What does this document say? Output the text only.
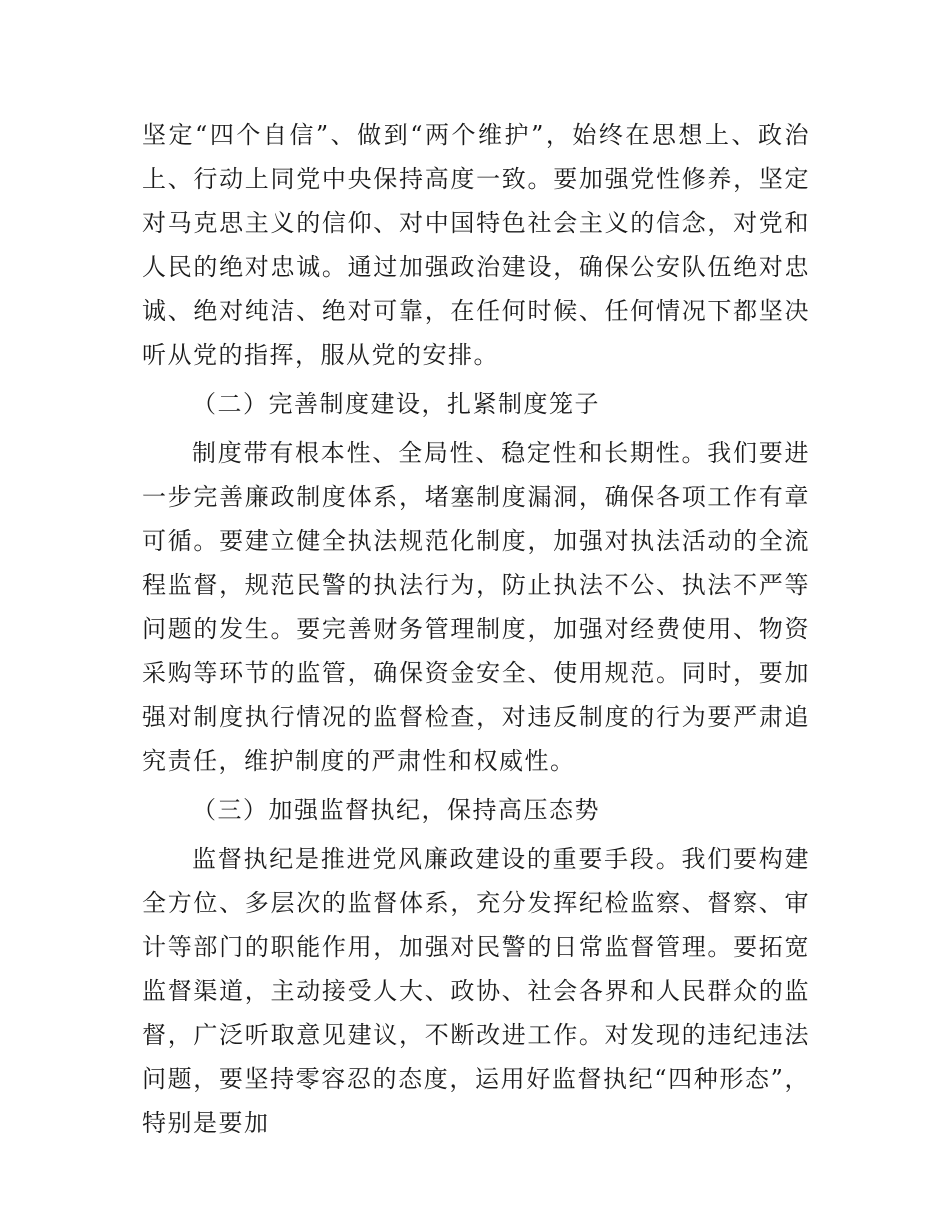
坚定“四个自信”、做到“两个维护”，始终在思想上、政治上、行动上同党中央保持高度一致。要加强党性修养，坚定对马克思主义的信仰、对中国特色社会主义的信念，对党和人民的绝对忠诚。通过加强政治建设，确保公安队伍绝对忠诚、绝对纯洁、绝对可靠，在任何时候、任何情况下都坚决听从党的指挥，服从党的安排。

（二）完善制度建设，扎紧制度笼子

制度带有根本性、全局性、稳定性和长期性。我们要进一步完善廉政制度体系，堵塞制度漏洞，确保各项工作有章可循。要建立健全执法规范化制度，加强对执法活动的全流程监督，规范民警的执法行为，防止执法不公、执法不严等问题的发生。要完善财务管理制度，加强对经费使用、物资采购等环节的监管，确保资金安全、使用规范。同时，要加强对制度执行情况的监督检查，对违反制度的行为要严肃追究责任，维护制度的严肃性和权威性。

（三）加强监督执纪，保持高压态势

监督执纪是推进党风廉政建设的重要手段。我们要构建全方位、多层次的监督体系，充分发挥纪检监察、督察、审计等部门的职能作用，加强对民警的日常监督管理。要拓宽监督渠道，主动接受人大、政协、社会各界和人民群众的监督，广泛听取意见建议，不断改进工作。对发现的违纪违法问题，要坚持零容忍的态度，运用好监督执纪“四种形态”，特别是要加
